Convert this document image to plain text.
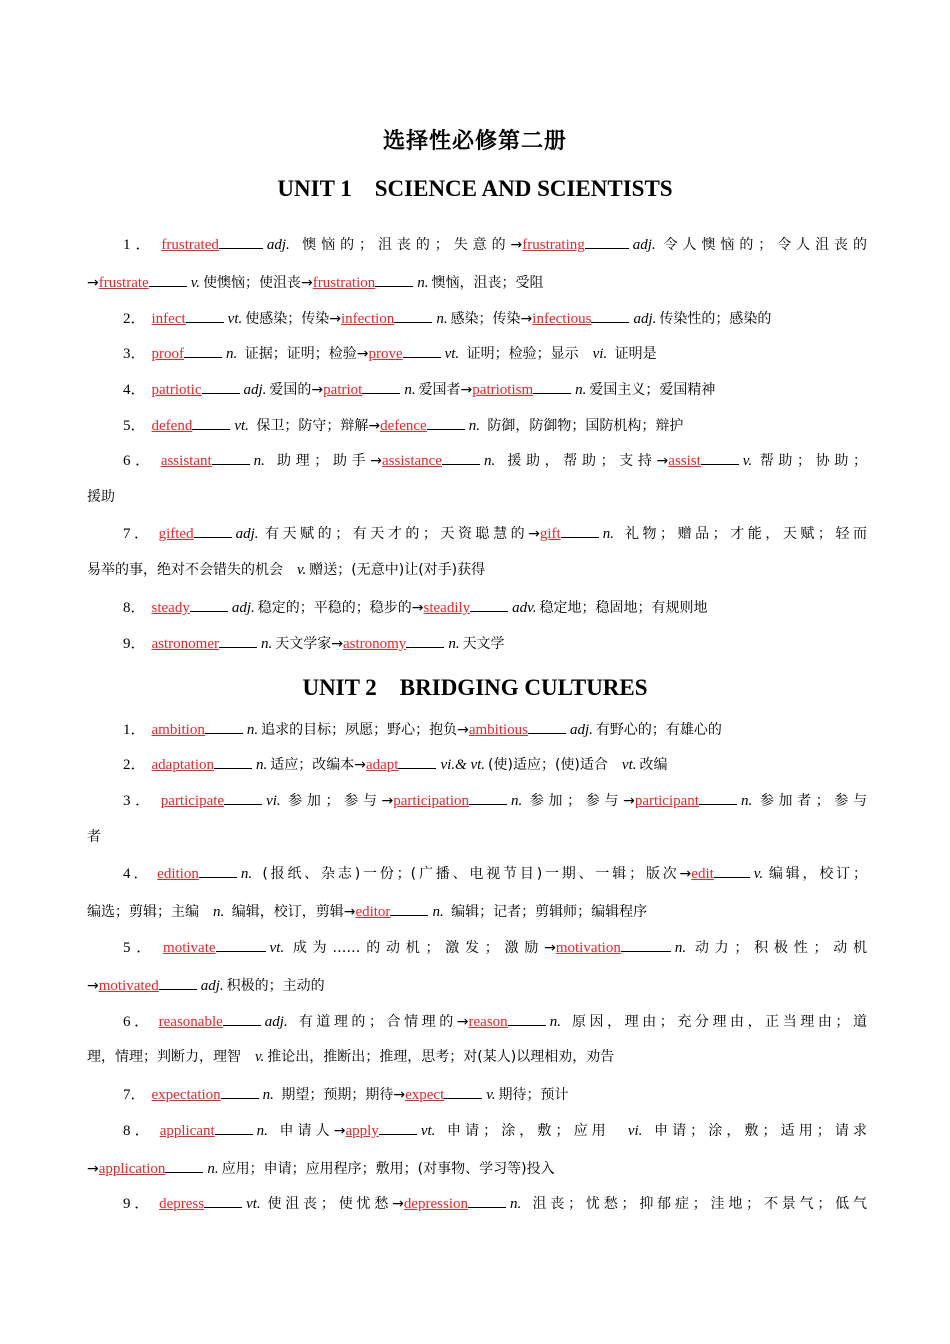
选择性必修第二册
UNIT 1    SCIENCE AND SCIENTISTS
1． frustrated	adj. 懊恼的；沮丧的；失意的→frustrating	adj. 令人懊恼的；令人沮丧的
→frustrate	v. 使懊恼；使沮丧→frustration	n. 懊恼，沮丧；受阻
2． infect	vt. 使感染；传染→infection	n. 感染；传染→infectious	adj. 传染性的；感染的
3． proof	n. 证据；证明；检验→prove	vt. 证明；检验；显示　vi. 证明是
4． patriotic	adj. 爱国的→patriot	n. 爱国者→patriotism	n. 爱国主义；爱国精神
5． defend	vt. 保卫；防守；辩解→defence	n. 防御，防御物；国防机构；辩护
6． assistant	n. 助理；助手→assistance	n. 援助，帮助；支持→assist	v. 帮助；协助；
援助
7． gifted	adj. 有天赋的；有天才的；天资聪慧的→gift	n. 礼物；赠品；才能，天赋；轻而
易举的事，绝对不会错失的机会　v. 赠送；(无意中)让(对手)获得
8． steady	adj. 稳定的；平稳的；稳步的→steadily	adv. 稳定地；稳固地；有规则地
9． astronomer	n. 天文学家→astronomy	n. 天文学
UNIT 2    BRIDGING CULTURES
1． ambition	n. 追求的目标；夙愿；野心；抱负→ambitious	adj. 有野心的；有雄心的
2． adaptation	n. 适应；改编本→adapt	vi.& vt. (使)适应；(使)适合　vt. 改编
3． participate	vi. 参加；参与→participation	n. 参加；参与→participant	n. 参加者；参与
者
4． edition	n. (报纸、杂志)一份；(广播、电视节目)一期、一辑；版次→edit	v. 编辑，校订；
编选；剪辑；主编　n. 编辑，校订，剪辑→editor	n. 编辑；记者；剪辑师；编辑程序
5． motivate	vt. 成为……的动机；激发；激励→motivation	n. 动力；积极性；动机
→motivated	adj. 积极的；主动的
6． reasonable	adj. 有道理的；合情理的→reason	n. 原因，理由；充分理由，正当理由；道
理，情理；判断力，理智　v. 推论出，推断出；推理，思考；对(某人)以理相劝，劝告
7． expectation	n. 期望；预期；期待→expect	v. 期待；预计
8． applicant	n. 申请人→apply	vt. 申请；涂，敷；应用　vi. 申请；涂，敷；适用；请求
→application	n. 应用；申请；应用程序；敷用；(对事物、学习等)投入
9． depress	vt. 使沮丧；使忧愁→depression	n. 沮丧；忧愁；抑郁症；洼地；不景气；低气
